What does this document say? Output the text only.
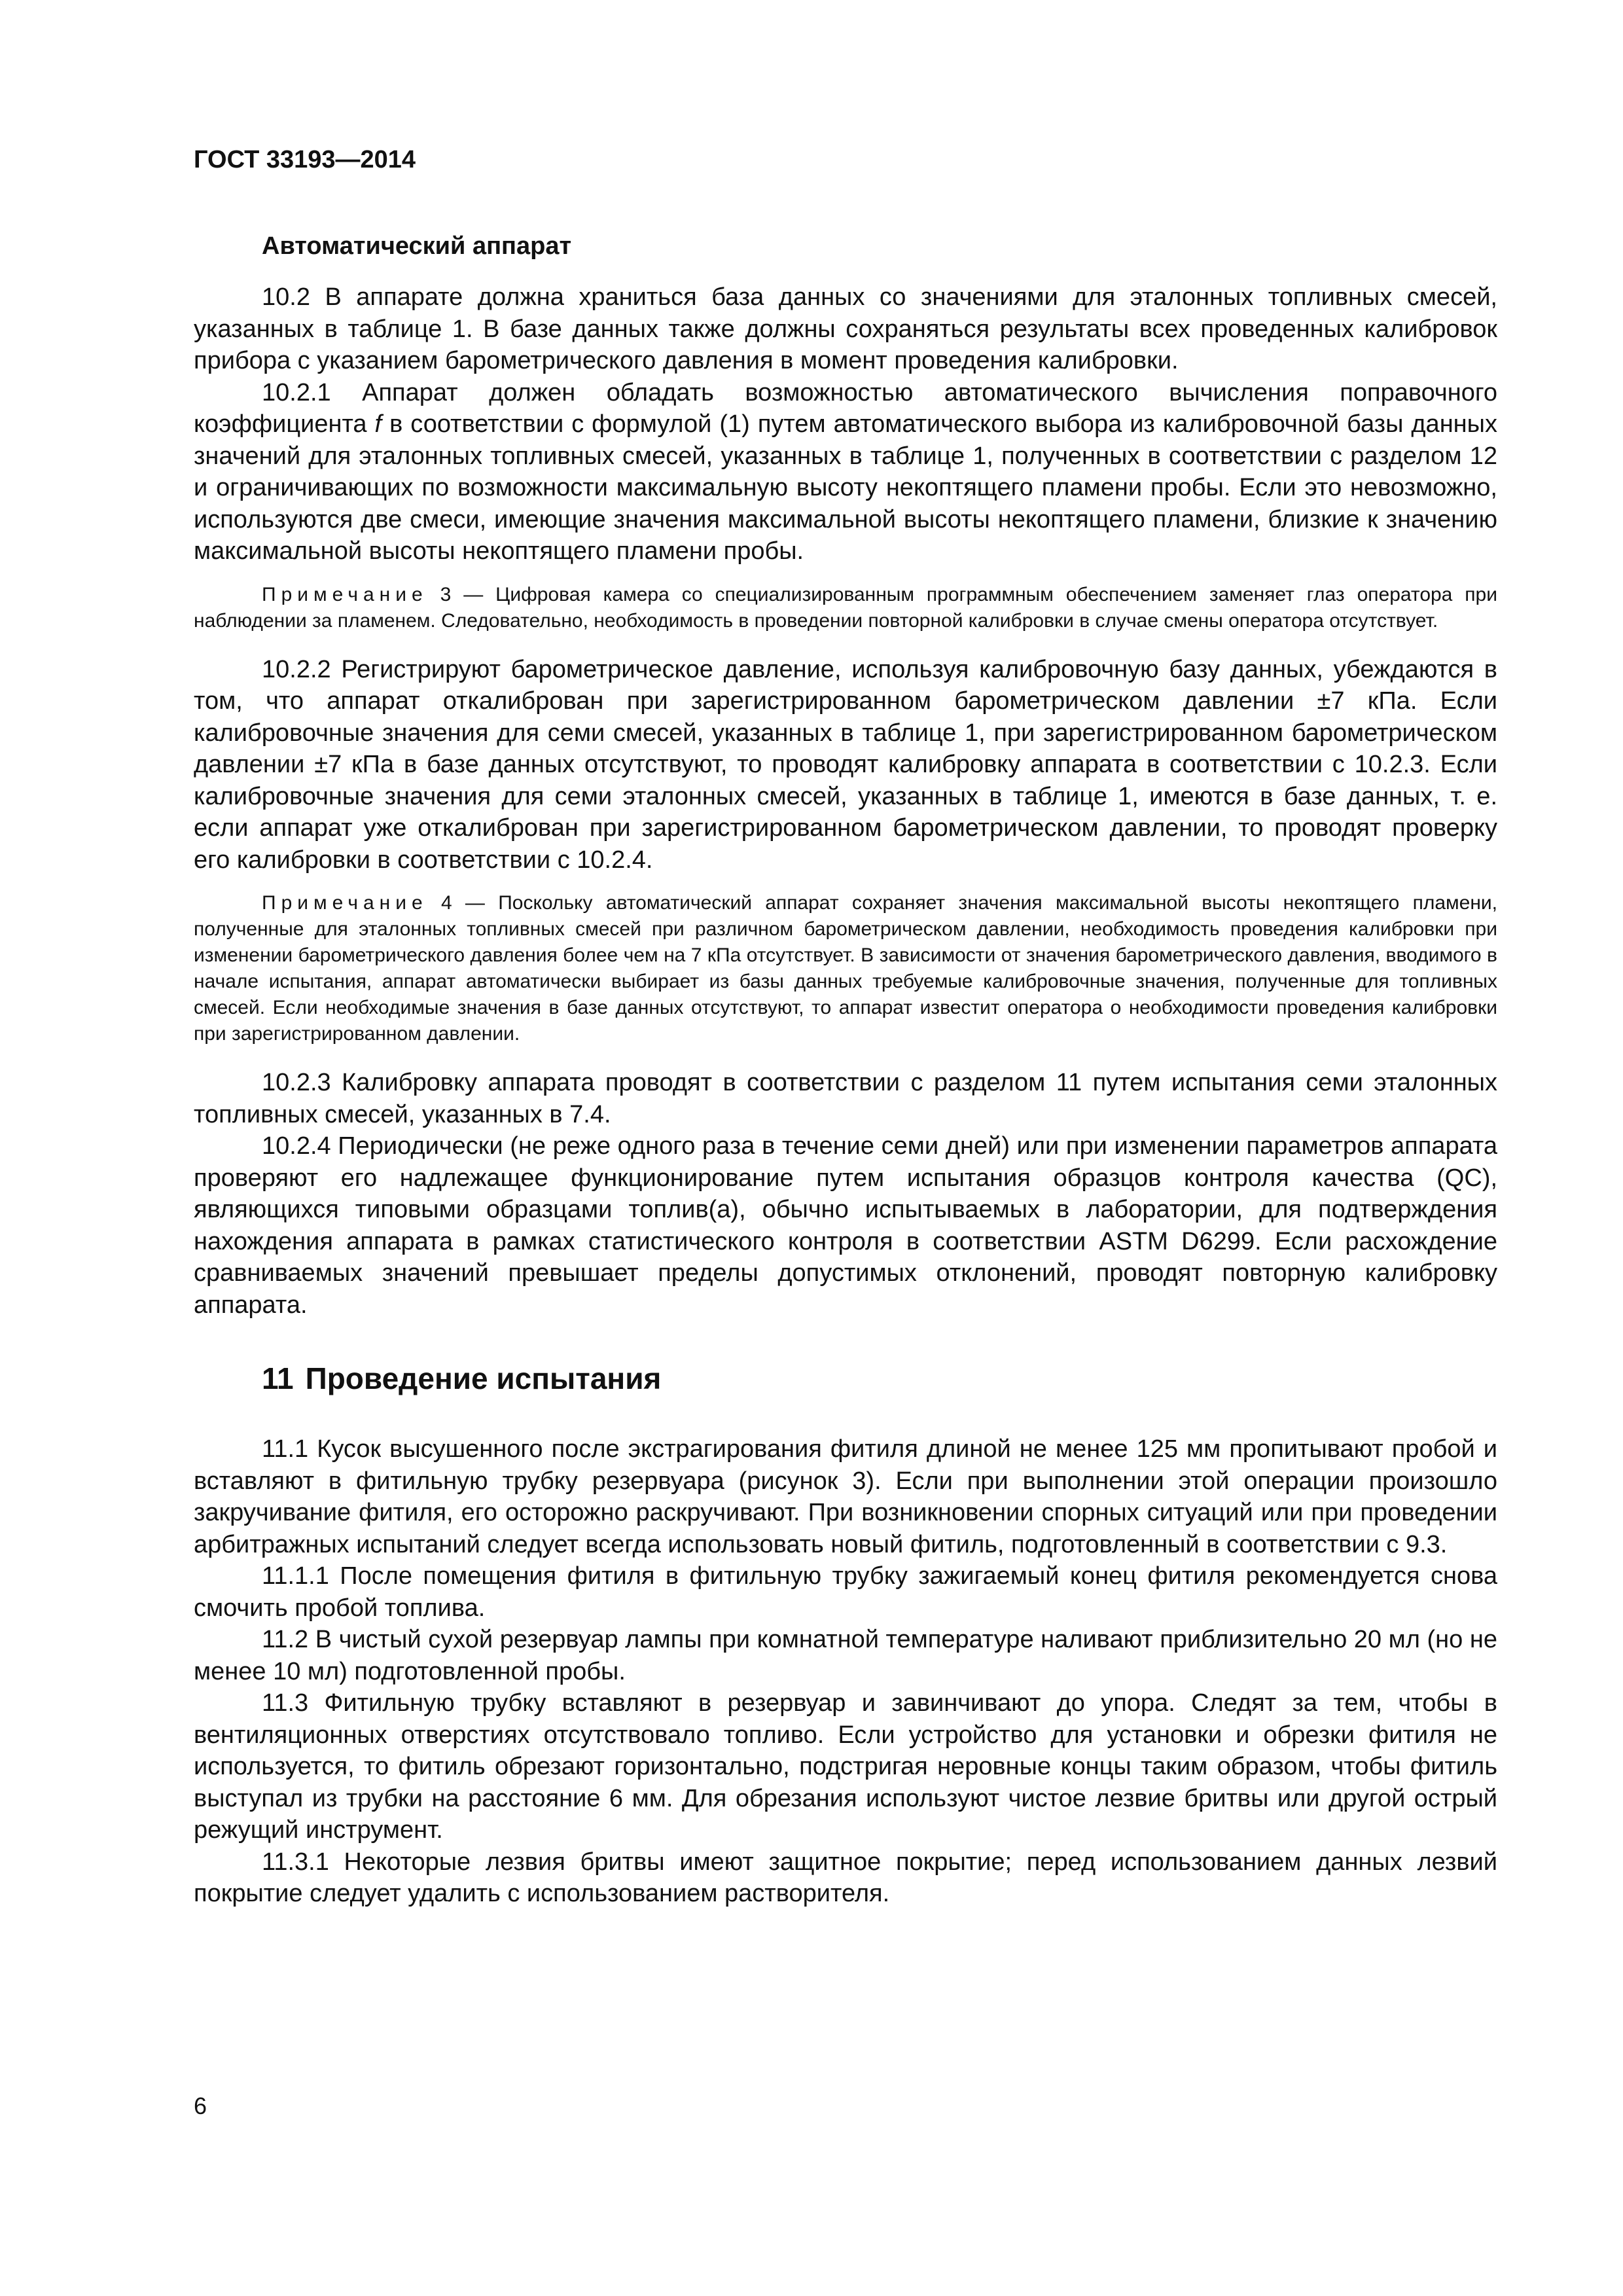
ГОСТ 33193—2014
Автоматический аппарат

10.2 В аппарате должна храниться база данных со значениями для эталонных топливных смесей, указанных в таблице 1. В базе данных также должны сохраняться результаты всех проведенных калибровок прибора с указанием барометрического давления в момент проведения калибровки.

10.2.1 Аппарат должен обладать возможностью автоматического вычисления поправочного коэффициента f в соответствии с формулой (1) путем автоматического выбора из калибровочной базы данных значений для эталонных топливных смесей, указанных в таблице 1, полученных в соответствии с разделом 12 и ограничивающих по возможности максимальную высоту некоптящего пламени пробы. Если это невозможно, используются две смеси, имеющие значения максимальной высоты некоптящего пламени, близкие к значению максимальной высоты некоптящего пламени пробы.

Примечание 3 — Цифровая камера со специализированным программным обеспечением заменяет глаз оператора при наблюдении за пламенем. Следовательно, необходимость в проведении повторной калибровки в случае смены оператора отсутствует.

10.2.2 Регистрируют барометрическое давление, используя калибровочную базу данных, убеждаются в том, что аппарат откалиброван при зарегистрированном барометрическом давлении ±7 кПа. Если калибровочные значения для семи смесей, указанных в таблице 1, при зарегистрированном барометрическом давлении ±7 кПа в базе данных отсутствуют, то проводят калибровку аппарата в соответствии с 10.2.3. Если калибровочные значения для семи эталонных смесей, указанных в таблице 1, имеются в базе данных, т. е. если аппарат уже откалиброван при зарегистрированном барометрическом давлении, то проводят проверку его калибровки в соответствии с 10.2.4.

Примечание 4 — Поскольку автоматический аппарат сохраняет значения максимальной высоты некоптящего пламени, полученные для эталонных топливных смесей при различном барометрическом давлении, необходимость проведения калибровки при изменении барометрического давления более чем на 7 кПа отсутствует. В зависимости от значения барометрического давления, вводимого в начале испытания, аппарат автоматически выбирает из базы данных требуемые калибровочные значения, полученные для топливных смесей. Если необходимые значения в базе данных отсутствуют, то аппарат известит оператора о необходимости проведения калибровки при зарегистрированном давлении.

10.2.3 Калибровку аппарата проводят в соответствии с разделом 11 путем испытания семи эталонных топливных смесей, указанных в 7.4.

10.2.4 Периодически (не реже одного раза в течение семи дней) или при изменении параметров аппарата проверяют его надлежащее функционирование путем испытания образцов контроля качества (QC), являющихся типовыми образцами топлив(а), обычно испытываемых в лаборатории, для подтверждения нахождения аппарата в рамках статистического контроля в соответствии ASTM D6299. Если расхождение сравниваемых значений превышает пределы допустимых отклонений, проводят повторную калибровку аппарата.

11 Проведение испытания

11.1 Кусок высушенного после экстрагирования фитиля длиной не менее 125 мм пропитывают пробой и вставляют в фитильную трубку резервуара (рисунок 3). Если при выполнении этой операции произошло закручивание фитиля, его осторожно раскручивают. При возникновении спорных ситуаций или при проведении арбитражных испытаний следует всегда использовать новый фитиль, подготовленный в соответствии с 9.3.

11.1.1 После помещения фитиля в фитильную трубку зажигаемый конец фитиля рекомендуется снова смочить пробой топлива.

11.2 В чистый сухой резервуар лампы при комнатной температуре наливают приблизительно 20 мл (но не менее 10 мл) подготовленной пробы.

11.3 Фитильную трубку вставляют в резервуар и завинчивают до упора. Следят за тем, чтобы в вентиляционных отверстиях отсутствовало топливо. Если устройство для установки и обрезки фитиля не используется, то фитиль обрезают горизонтально, подстригая неровные концы таким образом, чтобы фитиль выступал из трубки на расстояние 6 мм. Для обрезания используют чистое лезвие бритвы или другой острый режущий инструмент.

11.3.1 Некоторые лезвия бритвы имеют защитное покрытие; перед использованием данных лезвий покрытие следует удалить с использованием растворителя.

6
